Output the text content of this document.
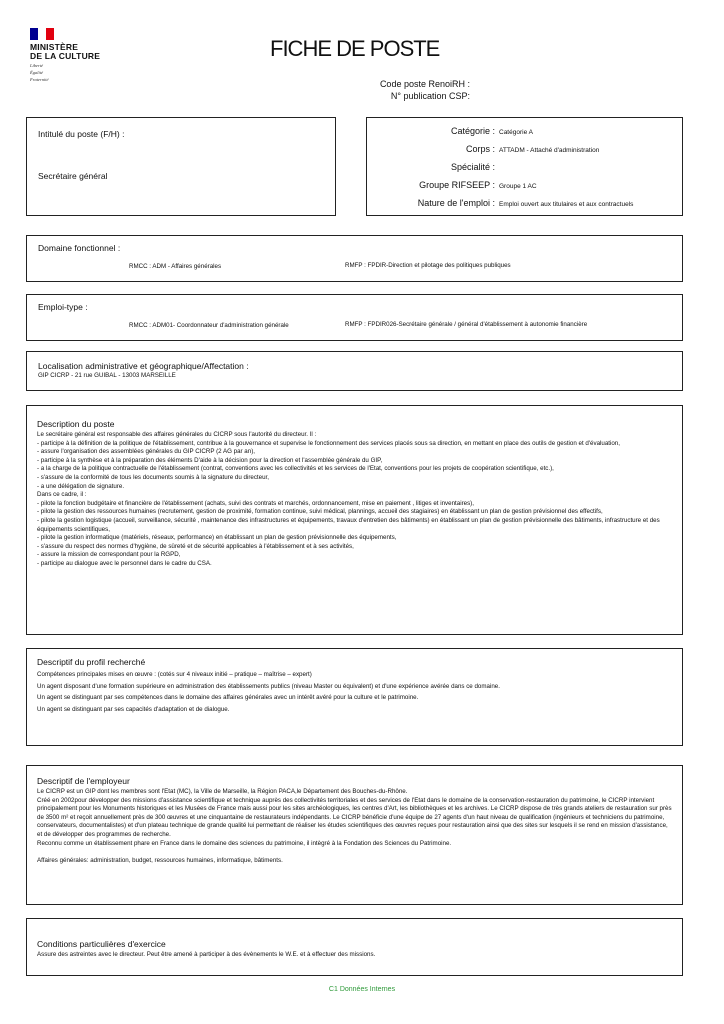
MINISTÈRE
DE LA CULTURE
Liberté
Égalité
Fraternité
FICHE DE POSTE
Code poste RenoiRH :
N° publication CSP:
Intitulé du poste (F/H) :
Secrétaire général
Catégorie : Catégorie A
Corps : ATTADM - Attaché d'administration
Spécialité :
Groupe RIFSEEP : Groupe 1 AC
Nature de l'emploi : Emploi ouvert aux titulaires et aux contractuels
Domaine fonctionnel :
RMCC : ADM - Affaires générales	RMFP : FPDIR-Direction et pilotage des politiques publiques
Emploi-type :
RMCC : ADM01- Coordonnateur d'administration générale	RMFP : FPDIR026-Secrétaire générale / général d'établissement à autonomie financière
Localisation administrative et géographique/Affectation :
GIP CICRP - 21 rue GUIBAL - 13003 MARSEILLE
Description du poste
Le secrétaire général est responsable des affaires générales du CICRP sous l'autorité du directeur. Il :
- participe à la définition de la politique de l'établissement, contribue à la gouvernance et supervise le fonctionnement des services placés sous sa direction, en mettant en place des outils de gestion et d'évaluation,
- assure l'organisation des assemblées générales du GIP CICRP (2 AG par an),
- participe à la synthèse et à la préparation des éléments D'aide à la décision pour la direction et l'assemblée générale du GIP,
- a la charge de la politique contractuelle de l'établissement (contrat, conventions avec les collectivités et les services de l'Etat, conventions pour les projets de coopération scientifique, etc.),
- s'assure de la conformité de tous les documents soumis à la signature du directeur,
- a une délégation de signature.
Dans ce cadre, il :
- pilote la fonction budgétaire et financière de l'établissement (achats, suivi des contrats et marchés, ordonnancement, mise en paiement , litiges et inventaires),
- pilote la gestion des ressources humaines (recrutement, gestion de proximité, formation continue, suivi médical, plannings, accueil des stagiaires) en établissant un plan de gestion prévisionnel des effectifs,
- pilote la gestion logistique (accueil, surveillance, sécurité , maintenance des infrastructures et équipements, travaux d'entretien des bâtiments) en établissant un plan de gestion prévisionnelle des bâtiments, infrastructure et des équipements scientifiques,
- pilote la gestion informatique (matériels, réseaux, performance) en établissant un plan de gestion prévisionnelle des équipements,
- s'assure du respect des normes d'hygiène, de sûreté et de sécurité applicables à l'établissement et à ses activités,
- assure la mission de correspondant pour la RGPD,
- participe au dialogue avec le personnel dans le cadre du CSA.
Descriptif du profil recherché
Compétences principales mises en œuvre : (cotés sur 4 niveaux initié – pratique – maîtrise – expert)
Un agent disposant d'une formation supérieure en administration des établissements publics (niveau Master ou équivalent) et d'une expérience avérée dans ce domaine.
Un agent se distinguant par ses compétences dans le domaine des affaires générales avec un intérêt avéré pour la culture et le patrimoine.
Un agent se distinguant par ses capacités d'adaptation et de dialogue.
Descriptif de l'employeur
Le CICRP est un GIP dont les membres sont l'Etat (MC), la Ville de Marseille, la Région PACA,le Département des Bouches-du-Rhône.
Créé en 2002pour développer des missions d'assistance scientifique et technique auprès des collectivités territoriales et des services de l'Etat dans le domaine de la conservation-restauration du patrimoine, le CICRP intervient principalement pour les Monuments historiques et les Musées de France mais aussi pour les sites archéologiques, les centres d'Art, les bibliothèques et les archives. Le CICRP dispose de très grands ateliers de restauration sur près de 3500 m² et reçoit annuellement près de 300 œuvres et une cinquantaine de restaurateurs indépendants. Le CICRP bénéficie d'une équipe de 27 agents d'un haut niveau de qualification (ingénieurs et techniciens du patrimoine, conservateurs, documentalistes) et d'un plateau technique de grande qualité lui permettant de réaliser les études scientifiques des œuvres reçues pour restauration ainsi que des sites sur lesquels il se rend en mission d'assistance, et de développer des programmes de recherche.
Reconnu comme un établissement phare en France dans le domaine des sciences du patrimoine, il intègré à la Fondation des Sciences du Patrimoine.
Affaires générales: administration, budget, ressources humaines, informatique, bâtiments.
Conditions particulières d'exercice
Assure des astreintes avec le directeur. Peut être amené à participer à des évènements le W.E. et à effectuer des missions.
C1 Données Internes
